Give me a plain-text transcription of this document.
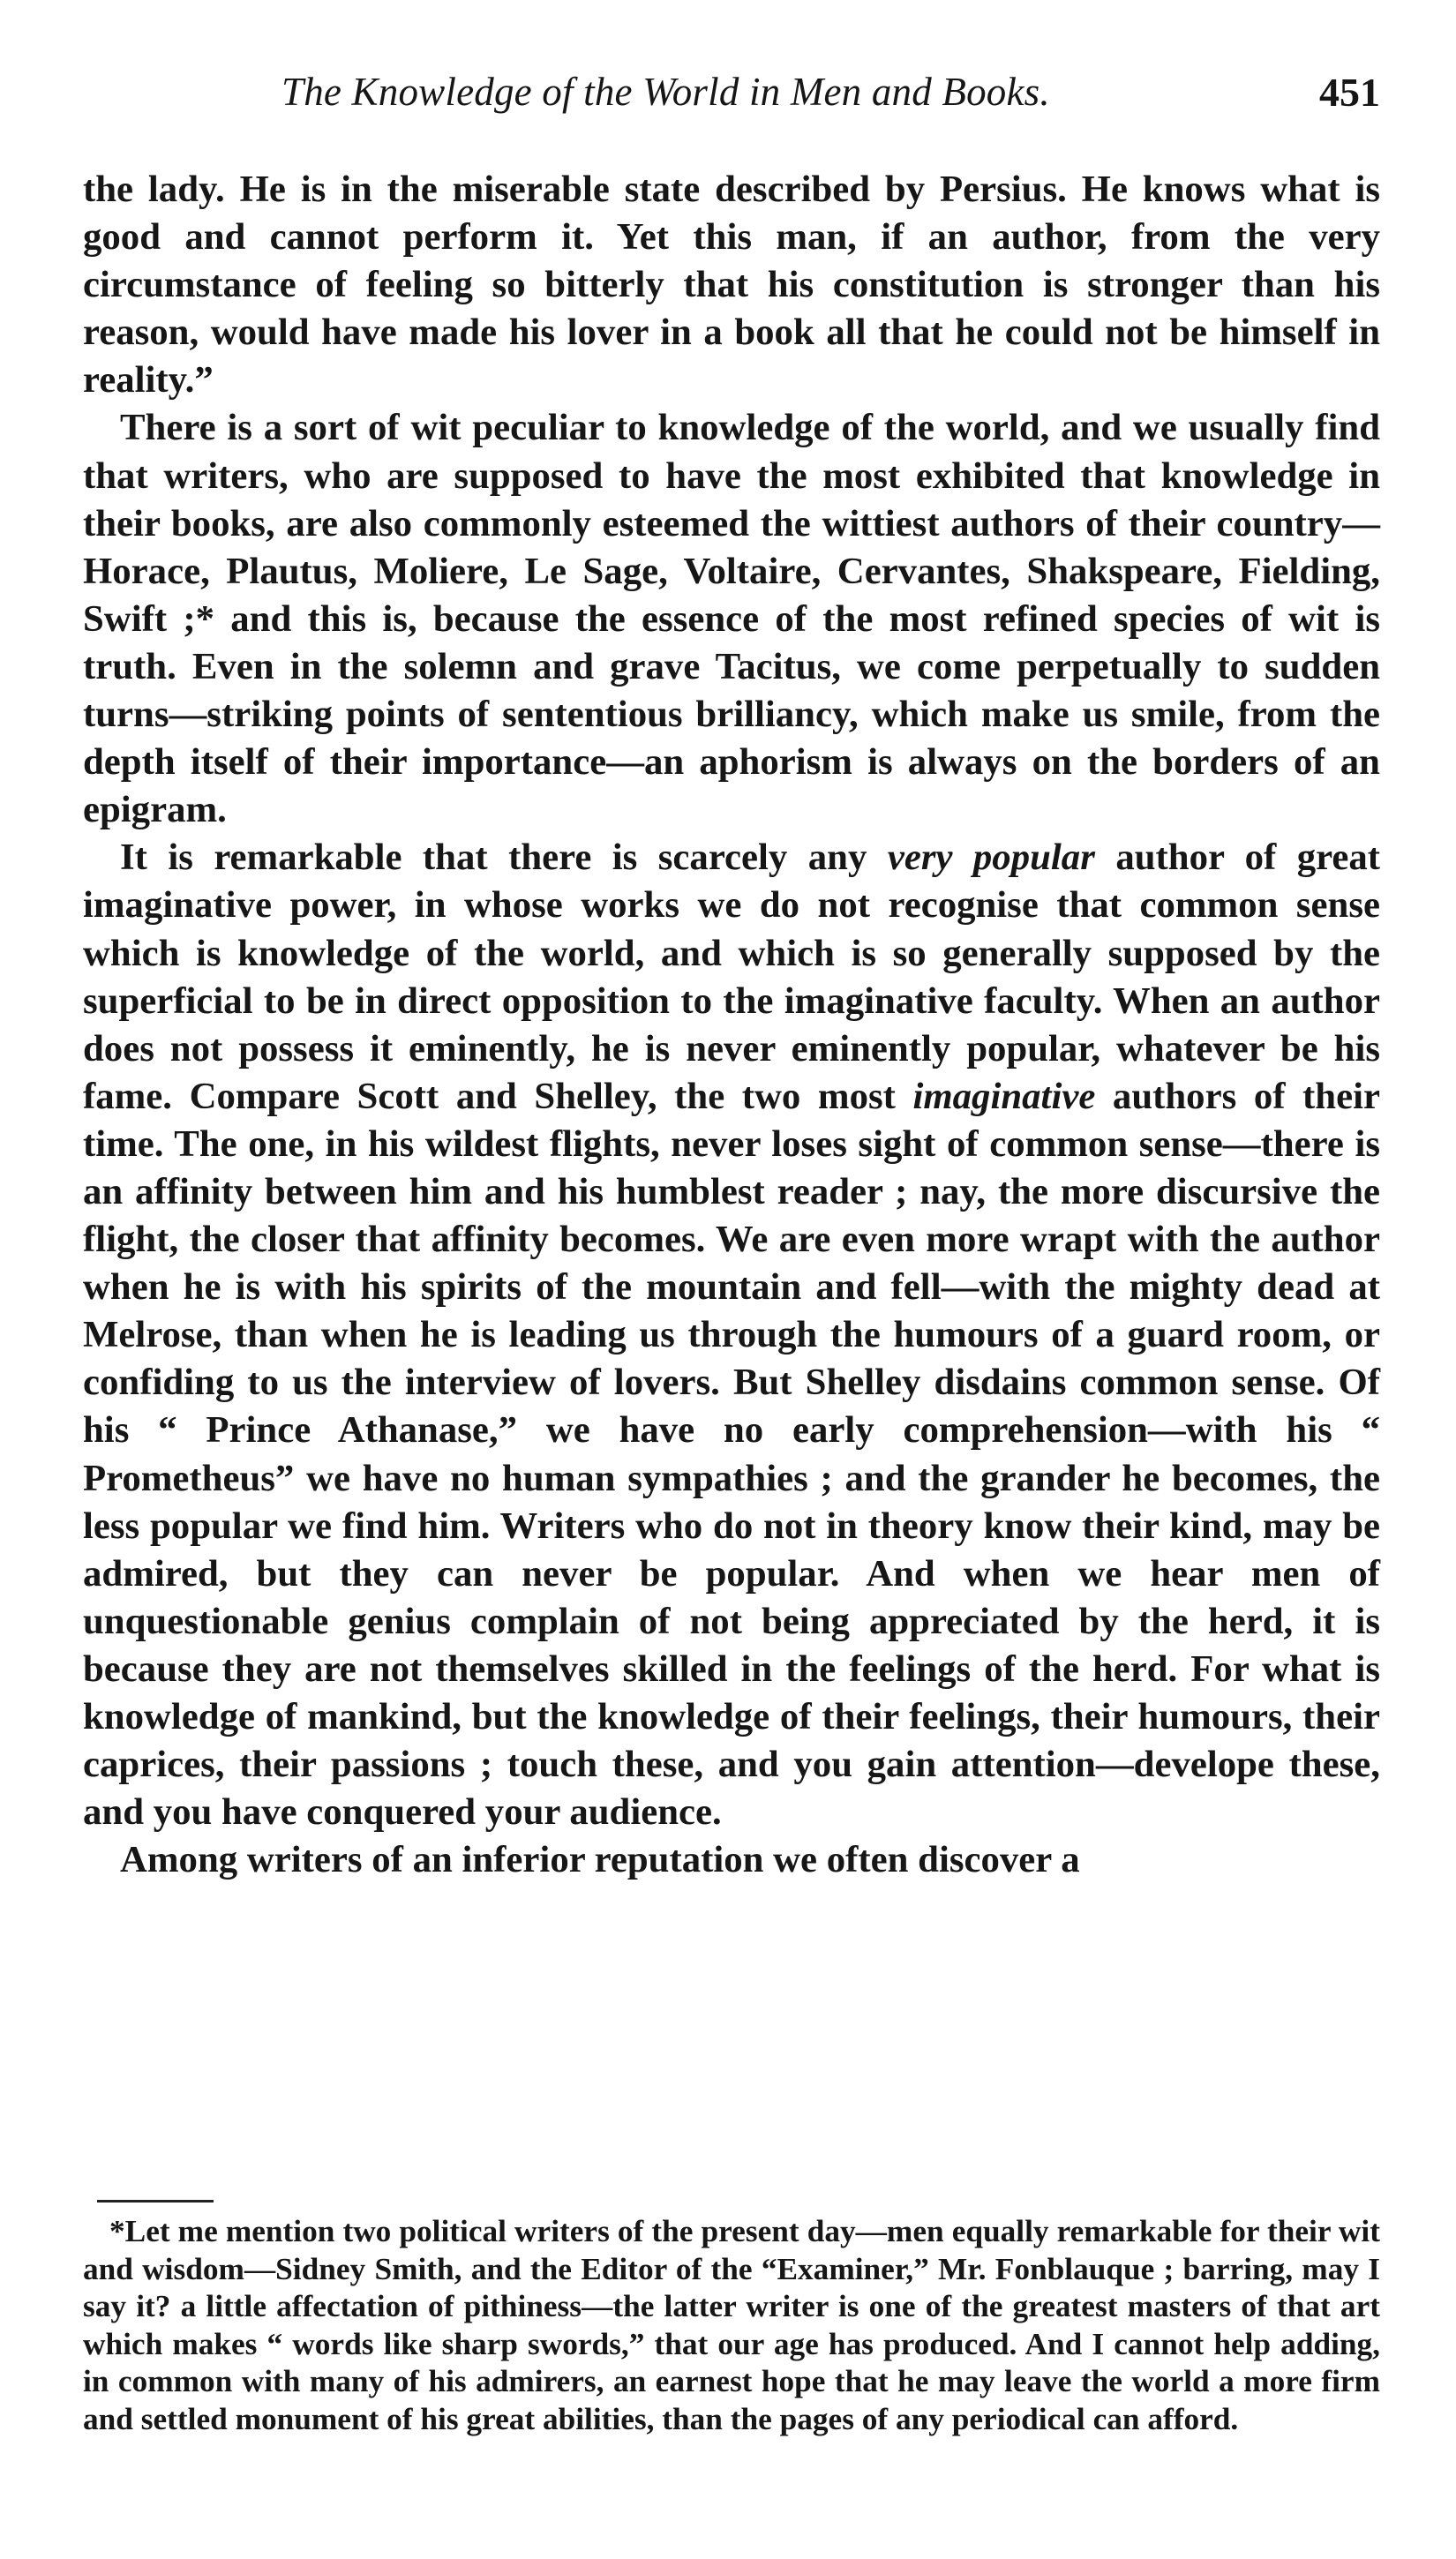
The Knowledge of the World in Men and Books.	451

the lady. He is in the miserable state described by Persius. He knows what is good and cannot perform it. Yet this man, if an author, from the very circumstance of feeling so bitterly that his constitution is stronger than his reason, would have made his lover in a book all that he could not be himself in reality.”

There is a sort of wit peculiar to knowledge of the world, and we usually find that writers, who are supposed to have the most exhibited that knowledge in their books, are also commonly esteemed the wittiest authors of their country—Horace, Plautus, Moliere, Le Sage, Voltaire, Cervantes, Shakspeare, Fielding, Swift ;* and this is, because the essence of the most refined species of wit is truth. Even in the solemn and grave Tacitus, we come perpetually to sudden turns—striking points of sententious brilliancy, which make us smile, from the depth itself of their importance—an aphorism is always on the borders of an epigram.

It is remarkable that there is scarcely any very popular author of great imaginative power, in whose works we do not recognise that common sense which is knowledge of the world, and which is so generally supposed by the superficial to be in direct opposition to the imaginative faculty. When an author does not possess it eminently, he is never eminently popular, whatever be his fame. Compare Scott and Shelley, the two most imaginative authors of their time. The one, in his wildest flights, never loses sight of common sense—there is an affinity between him and his humblest reader ; nay, the more discursive the flight, the closer that affinity becomes. We are even more wrapt with the author when he is with his spirits of the mountain and fell—with the mighty dead at Melrose, than when he is leading us through the humours of a guard room, or confiding to us the interview of lovers. But Shelley disdains common sense. Of his “ Prince Athanase,” we have no early comprehension—with his “ Prometheus” we have no human sympathies ; and the grander he becomes, the less popular we find him. Writers who do not in theory know their kind, may be admired, but they can never be popular. And when we hear men of unquestionable genius complain of not being appreciated by the herd, it is because they are not themselves skilled in the feelings of the herd. For what is knowledge of mankind, but the knowledge of their feelings, their humours, their caprices, their passions ; touch these, and you gain attention—develope these, and you have conquered your audience.

Among writers of an inferior reputation we often discover a

*Let me mention two political writers of the present day—men equally remarkable for their wit and wisdom—Sidney Smith, and the Editor of the “Examiner,” Mr. Fonblauque ; barring, may I say it? a little affectation of pithiness—the latter writer is one of the greatest masters of that art which makes “ words like sharp swords,” that our age has produced. And I cannot help adding, in common with many of his admirers, an earnest hope that he may leave the world a more firm and settled monument of his great abilities, than the pages of any periodical can afford.
